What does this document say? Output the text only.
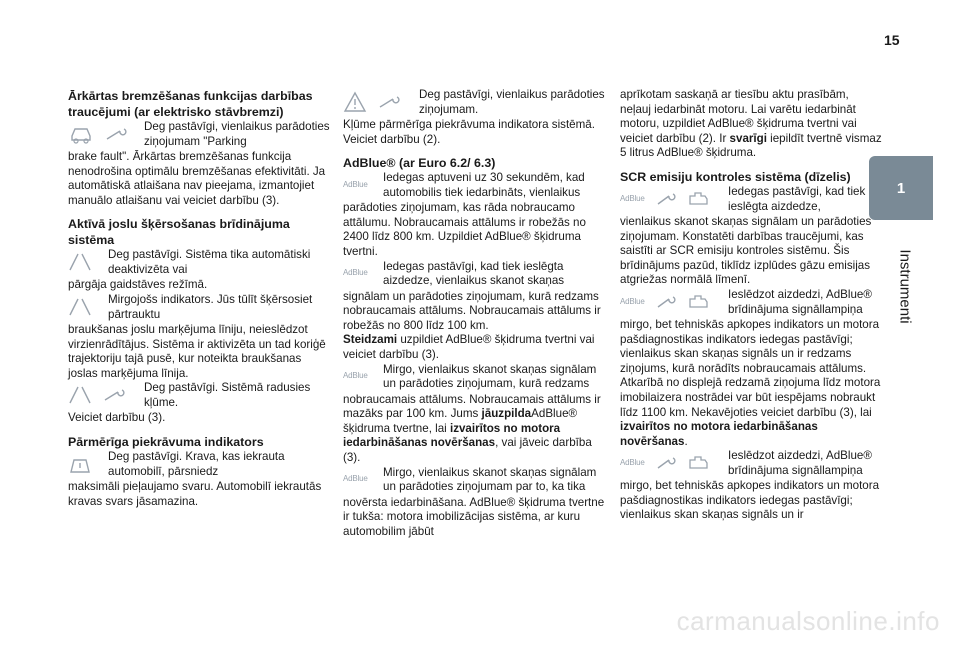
15
1
Instrumenti
Ārkārtas bremzēšanas funkcijas darbības traucējumi (ar elektrisko stāvbremzi)

Deg pastāvīgi, vienlaikus parādoties ziņojumam "Parking

brake fault". Ārkārtas bremzēšanas funkcija nenodrošina optimālu bremzēšanas efektivitāti. Ja automātiskā atlaišana nav pieejama, izmantojiet manuālo atlaišanu vai veiciet darbību (3).

Aktīvā joslu šķērsošanas brīdinājuma sistēma

Deg pastāvīgi. Sistēma tika automātiski deaktivizēta vai

pārgāja gaidstāves režīmā.

Mirgojošs indikators. Jūs tūlīt šķērsosiet pārtrauktu

braukšanas joslu marķējuma līniju, neieslēdzot virzienrādītājus. Sistēma ir aktivizēta un tad koriģē trajektoriju tajā pusē, kur noteikta braukšanas joslas marķējuma līnija.

Deg pastāvīgi. Sistēmā radusies kļūme.

Veiciet darbību (3).

Pārmērīga piekrāvuma indikators

Deg pastāvīgi. Krava, kas iekrauta automobilī, pārsniedz

maksimāli pieļaujamo svaru. Automobilī iekrautās kravas svars jāsamazina.

Deg pastāvīgi, vienlaikus parādoties ziņojumam.

Kļūme pārmērīga piekrāvuma indikatora sistēmā. Veiciet darbību (2).

AdBlue® (ar Euro 6.2/ 6.3)
AdBlue

Iedegas aptuveni uz 30 sekundēm, kad automobilis tiek iedarbināts, vienlaikus

parādoties ziņojumam, kas rāda nobraucamo attālumu. Nobraucamais attālums ir robežās no 2400 līdz 800 km. Uzpildiet AdBlue® šķidruma tvertni.

AdBlue

Iedegas pastāvīgi, kad tiek ieslēgta aizdedze, vienlaikus skanot skaņas

signālam un parādoties ziņojumam, kurā redzams nobraucamais attālums. Nobraucamais attālums ir robežās no 800 līdz 100 km.
Steidzami uzpildiet AdBlue® šķidruma tvertni vai veiciet darbību (3).

AdBlue

Mirgo, vienlaikus skanot skaņas signālam un parādoties ziņojumam, kurā redzams

nobraucamais attālums. Nobraucamais attālums ir mazāks par 100 km. Jums jāuzpildaAdBlue® šķidruma tvertne, lai izvairītos no motora iedarbināšanas novēršanas, vai jāveic darbība (3).

AdBlue

Mirgo, vienlaikus skanot skaņas signālam un parādoties ziņojumam par to, ka tika

novērsta iedarbināšana. AdBlue® šķidruma tvertne ir tukša: motora imobilizācijas sistēma, ar kuru automobilim jābūt

aprīkotam saskaņā ar tiesību aktu prasībām, neļauj iedarbināt motoru. Lai varētu iedarbināt motoru, uzpildiet AdBlue® šķidruma tvertni vai veiciet darbību (2). Ir svarīgi iepildīt tvertnē vismaz 5 litrus AdBlue® šķidruma.

SCR emisiju kontroles sistēma (dīzelis)
AdBlue

Iedegas pastāvīgi, kad tiek ieslēgta aizdedze,

vienlaikus skanot skaņas signālam un parādoties ziņojumam. Konstatēti darbības traucējumi, kas saistīti ar SCR emisiju kontroles sistēmu. Šis brīdinājums pazūd, tiklīdz izplūdes gāzu emisijas atgriežas normālā līmenī.

AdBlue

Ieslēdzot aizdedzi, AdBlue® brīdinājuma signāllampiņa

mirgo, bet tehniskās apkopes indikators un motora pašdiagnostikas indikators iedegas pastāvīgi; vienlaikus skan skaņas signāls un ir redzams ziņojums, kurā norādīts nobraucamais attālums. Atkarībā no displejā redzamā ziņojuma līdz motora imobilaizera nostrādei var būt iespējams nobraukt līdz 1100 km. Nekavējoties veiciet darbību (3), lai izvairītos no motora iedarbināšanas novēršanas.

AdBlue

Ieslēdzot aizdedzi, AdBlue® brīdinājuma signāllampiņa

mirgo, bet tehniskās apkopes indikators un motora pašdiagnostikas indikators iedegas pastāvīgi; vienlaikus skan skaņas signāls un ir

carmanualsonline.info
